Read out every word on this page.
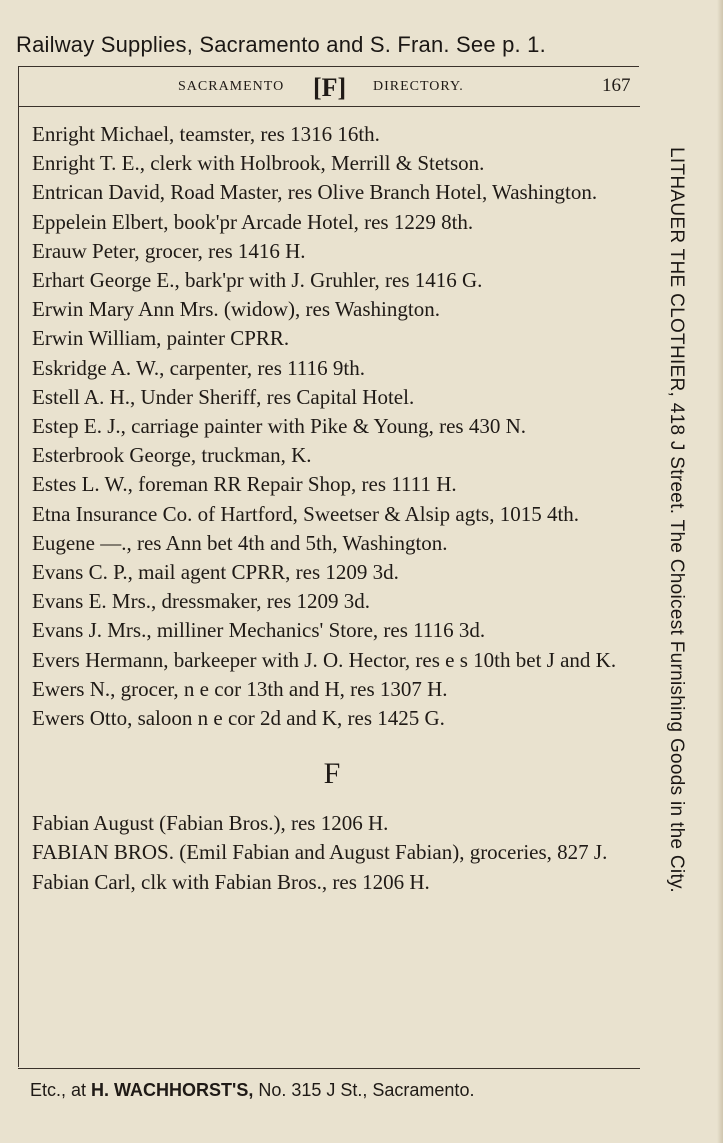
Railway Supplies, Sacramento and S. Fran. See p. 1.
SACRAMENTO [F] DIRECTORY.	167

Enright Michael, teamster, res 1316 16th.

Enright T. E., clerk with Holbrook, Merrill & Stetson.

Entrican David, Road Master, res Olive Branch Hotel, Washington.

Eppelein Elbert, book'pr Arcade Hotel, res 1229 8th.

Erauw Peter, grocer, res 1416 H.

Erhart George E., bark'pr with J. Gruhler, res 1416 G.

Erwin Mary Ann Mrs. (widow), res Washington.

Erwin William, painter CPRR.

Eskridge A. W., carpenter, res 1116 9th.

Estell A. H., Under Sheriff, res Capital Hotel.

Estep E. J., carriage painter with Pike & Young, res 430 N.

Esterbrook George, truckman, K.

Estes L. W., foreman RR Repair Shop, res 1111 H.

Etna Insurance Co. of Hartford, Sweetser & Alsip agts, 1015 4th.

Eugene —., res Ann bet 4th and 5th, Washington.

Evans C. P., mail agent CPRR, res 1209 3d.

Evans E. Mrs., dressmaker, res 1209 3d.

Evans J. Mrs., milliner Mechanics' Store, res 1116 3d.

Evers Hermann, barkeeper with J. O. Hector, res e s 10th bet J and K.

Ewers N., grocer, n e cor 13th and H, res 1307 H.

Ewers Otto, saloon n e cor 2d and K, res 1425 G.

F

Fabian August (Fabian Bros.), res 1206 H.

FABIAN BROS. (Emil Fabian and August Fabian), groceries, 827 J.

Fabian Carl, clk with Fabian Bros., res 1206 H.	LITHAUER THE CLOTHIER, 418 J Street. The Choicest Furnishing Goods in the City.
Etc., at H. WACHHORST'S, No. 315 J St., Sacramento.
